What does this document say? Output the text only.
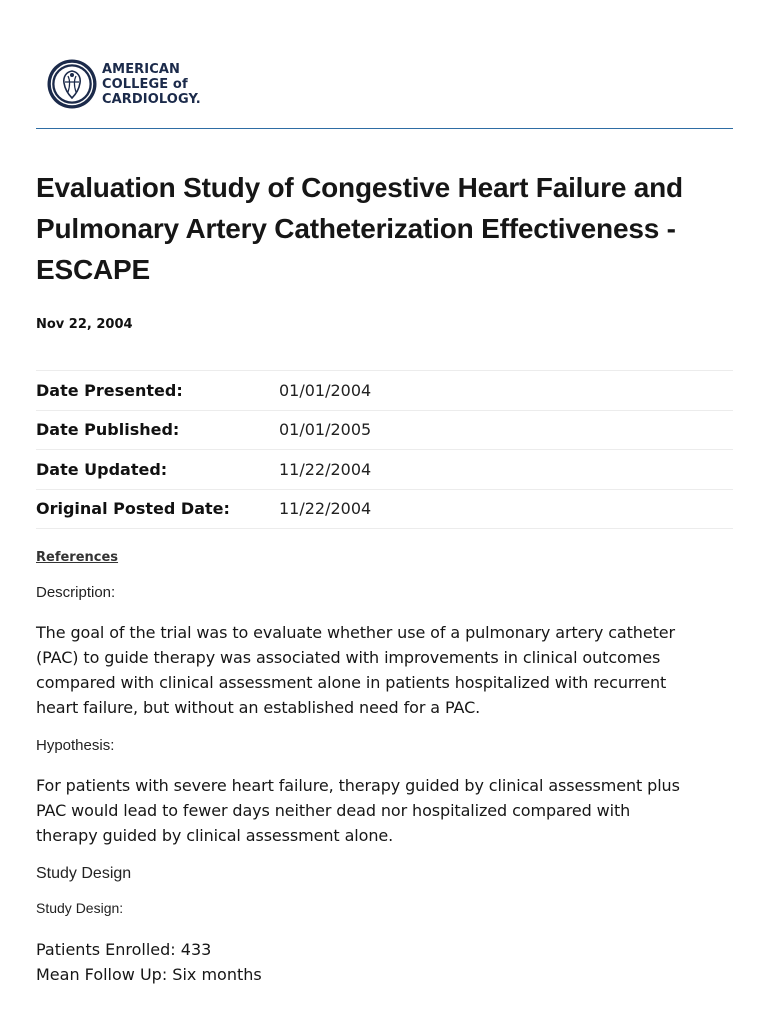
AMERICAN
COLLEGE of
CARDIOLOGY.
Evaluation Study of Congestive Heart Failure and
Pulmonary Artery Catheterization Effectiveness -
ESCAPE
Nov 22, 2004
Date Presented:	01/01/2004
Date Published:	01/01/2005
Date Updated:	11/22/2004
Original Posted Date:	11/22/2004
References
Description:

The goal of the trial was to evaluate whether use of a pulmonary artery catheter
(PAC) to guide therapy was associated with improvements in clinical outcomes
compared with clinical assessment alone in patients hospitalized with recurrent
heart failure, but without an established need for a PAC.

Hypothesis:

For patients with severe heart failure, therapy guided by clinical assessment plus
PAC would lead to fewer days neither dead nor hospitalized compared with
therapy guided by clinical assessment alone.

Study Design
Study Design:
Patients Enrolled: 433
Mean Follow Up: Six months
